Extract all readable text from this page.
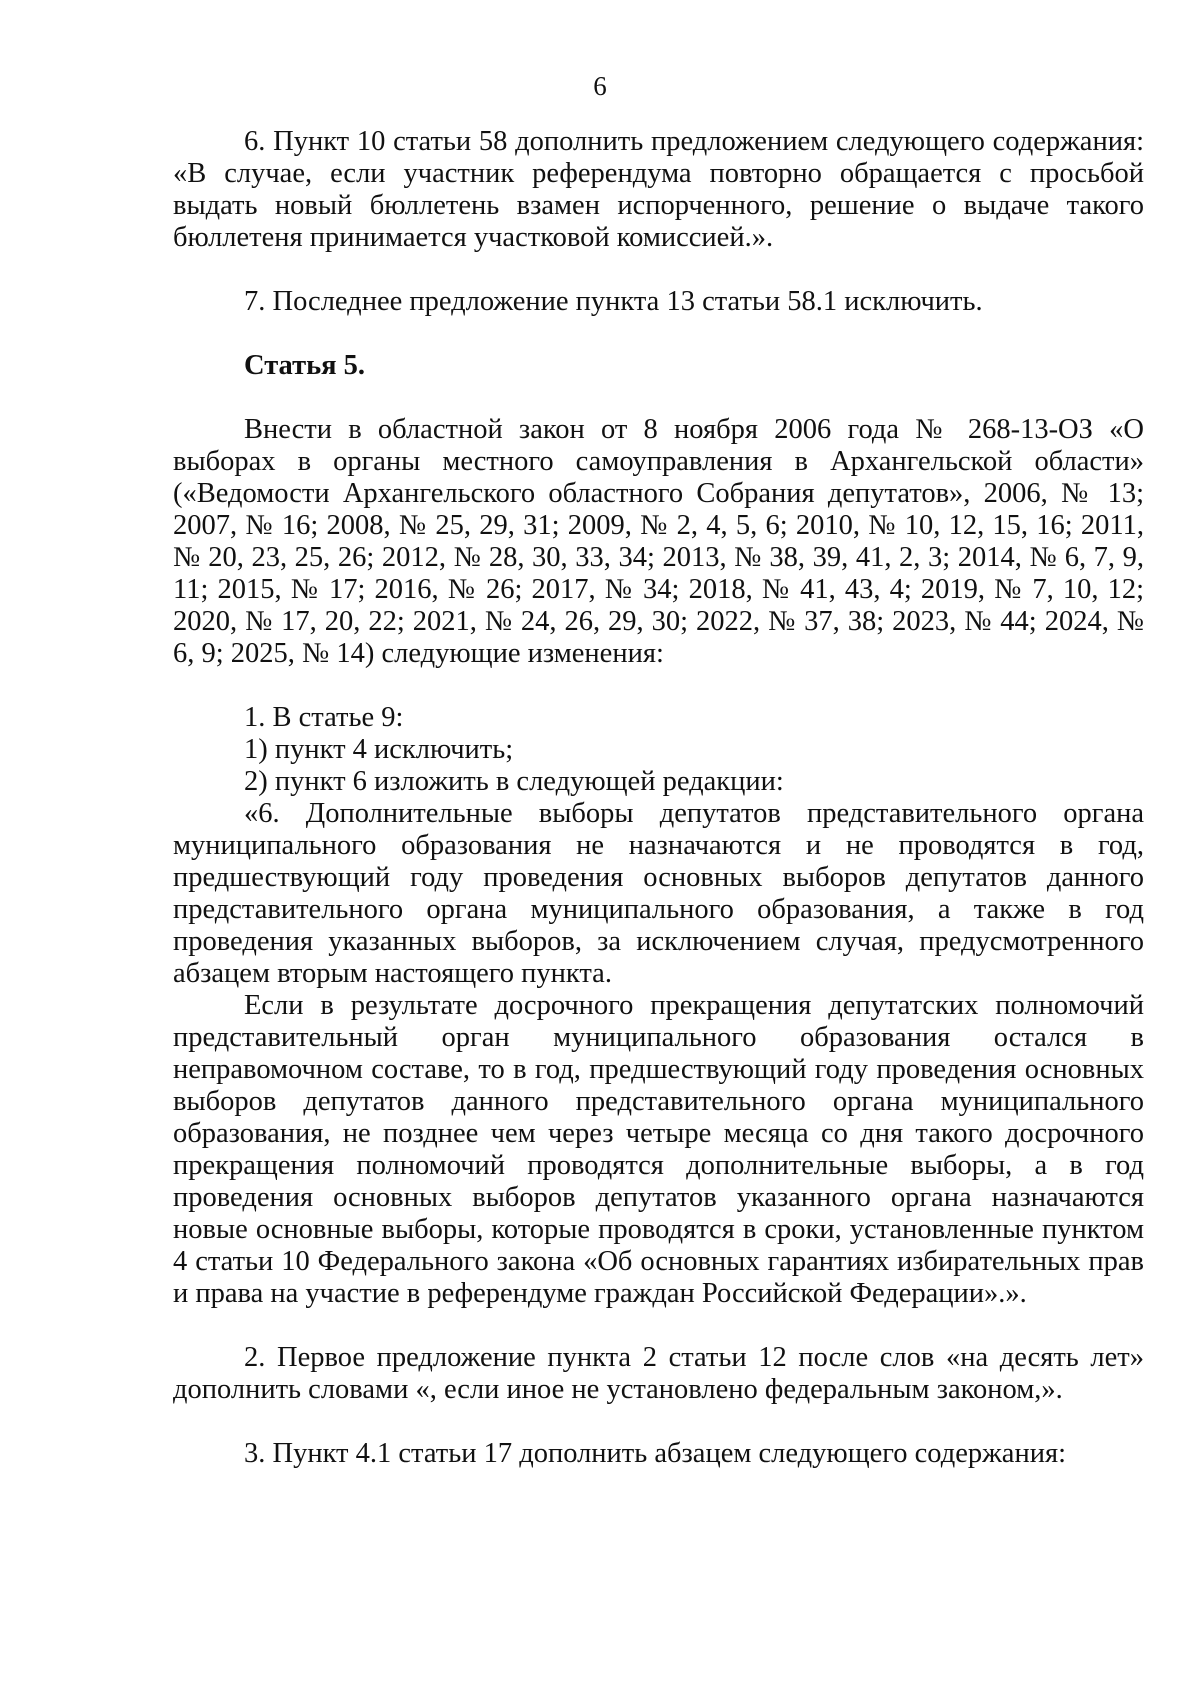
6

6. Пункт 10 статьи 58 дополнить предложением следующего содержания: «В случае, если участник референдума повторно обращается с просьбой выдать новый бюллетень взамен испорченного, решение о выдаче такого бюллетеня принимается участковой комиссией.».

7. Последнее предложение пункта 13 статьи 58.1 исключить.

Статья 5.

Внести в областной закон от 8 ноября 2006 года № 268-13-ОЗ «О выборах в органы местного самоуправления в Архангельской области» («Ведомости Архангельского областного Собрания депутатов», 2006, № 13; 2007, № 16; 2008, № 25, 29, 31; 2009, № 2, 4, 5, 6; 2010, № 10, 12, 15, 16; 2011, № 20, 23, 25, 26; 2012, № 28, 30, 33, 34; 2013, № 38, 39, 41, 2, 3; 2014, № 6, 7, 9, 11; 2015, № 17; 2016, № 26; 2017, № 34; 2018, № 41, 43, 4; 2019, № 7, 10, 12; 2020, № 17, 20, 22; 2021, № 24, 26, 29, 30; 2022, № 37, 38; 2023, № 44; 2024, № 6, 9; 2025, № 14) следующие изменения:

1. В статье 9:

1) пункт 4 исключить;

2) пункт 6 изложить в следующей редакции:

«6. Дополнительные выборы депутатов представительного органа муниципального образования не назначаются и не проводятся в год, предшествующий году проведения основных выборов депутатов данного представительного органа муниципального образования, а также в год проведения указанных выборов, за исключением случая, предусмотренного абзацем вторым настоящего пункта.

Если в результате досрочного прекращения депутатских полномочий представительный орган муниципального образования остался в неправомочном составе, то в год, предшествующий году проведения основных выборов депутатов данного представительного органа муниципального образования, не позднее чем через четыре месяца со дня такого досрочного прекращения полномочий проводятся дополнительные выборы, а в год проведения основных выборов депутатов указанного органа назначаются новые основные выборы, которые проводятся в сроки, установленные пунктом 4 статьи 10 Федерального закона «Об основных гарантиях избирательных прав и права на участие в референдуме граждан Российской Федерации».».

2. Первое предложение пункта 2 статьи 12 после слов «на десять лет» дополнить словами «, если иное не установлено федеральным законом,».

3. Пункт 4.1 статьи 17 дополнить абзацем следующего содержания:
